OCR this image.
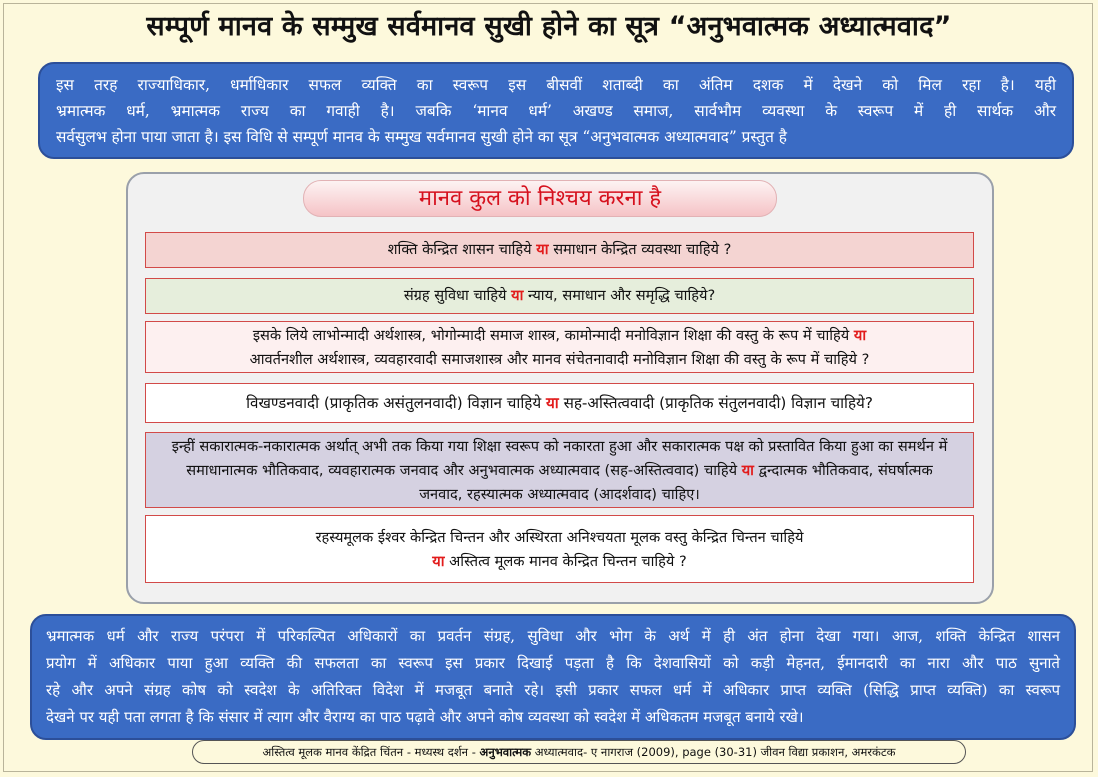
सम्पूर्ण मानव के सम्मुख सर्वमानव सुखी होने का सूत्र “अनुभवात्मक अध्यात्मवाद”
इस तरह राज्याधिकार, धर्माधिकार सफल व्यक्ति का स्वरूप इस बीसवीं शताब्दी का अंतिम दशक में देखने को मिल रहा है। यही
भ्रमात्मक धर्म, भ्रमात्मक राज्य का गवाही है। जबकि ‘मानव धर्म’ अखण्ड समाज, सार्वभौम व्यवस्था के स्वरूप में ही सार्थक और
सर्वसुलभ होना पाया जाता है। इस विधि से सम्पूर्ण मानव के सम्मुख सर्वमानव सुखी होने का सूत्र “अनुभवात्मक अध्यात्मवाद” प्रस्तुत है
मानव कुल को निश्चय करना है
शक्ति केन्द्रित शासन चाहिये या समाधान केन्द्रित व्यवस्था चाहिये ?
संग्रह सुविधा चाहिये या न्याय, समाधान और समृद्धि चाहिये?
इसके लिये लाभोन्मादी अर्थशास्त्र, भोगोन्मादी समाज शास्त्र, कामोन्मादी मनोविज्ञान शिक्षा की वस्तु के रूप में चाहिये या
आवर्तनशील अर्थशास्त्र, व्यवहारवादी समाजशास्त्र और मानव संचेतनावादी मनोविज्ञान शिक्षा की वस्तु के रूप में चाहिये ?
विखण्डनवादी (प्राकृतिक असंतुलनवादी) विज्ञान चाहिये या सह-अस्तित्ववादी (प्राकृतिक संतुलनवादी) विज्ञान चाहिये?
इन्हीं सकारात्मक-नकारात्मक अर्थात् अभी तक किया गया शिक्षा स्वरूप को नकारता हुआ और सकारात्मक पक्ष को प्रस्तावित किया हुआ का समर्थन में समाधानात्मक भौतिकवाद, व्यवहारात्मक जनवाद और अनुभवात्मक अध्यात्मवाद (सह-अस्तित्ववाद) चाहिये या द्वन्दात्मक भौतिकवाद, संघर्षात्मक जनवाद, रहस्यात्मक अध्यात्मवाद (आदर्शवाद) चाहिए।
रहस्यमूलक ईश्वर केन्द्रित चिन्तन और अस्थिरता अनिश्चयता मूलक वस्तु केन्द्रित चिन्तन चाहिये
या अस्तित्व मूलक मानव केन्द्रित चिन्तन चाहिये ?
भ्रमात्मक धर्म और राज्य परंपरा में परिकल्पित अधिकारों का प्रवर्तन संग्रह, सुविधा और भोग के अर्थ में ही अंत होना देखा गया। आज, शक्ति केन्द्रित शासन
प्रयोग में अधिकार पाया हुआ व्यक्ति की सफलता का स्वरूप इस प्रकार दिखाई पड़ता है कि देशवासियों को कड़ी मेहनत, ईमानदारी का नारा और पाठ सुनाते
रहे और अपने संग्रह कोष को स्वदेश के अतिरिक्त विदेश में मजबूत बनाते रहे। इसी प्रकार सफल धर्म में अधिकार प्राप्त व्यक्ति (सिद्धि प्राप्त व्यक्ति) का स्वरूप
देखने पर यही पता लगता है कि संसार में त्याग और वैराग्य का पाठ पढ़ावे और अपने कोष व्यवस्था को स्वदेश में अधिकतम मजबूत बनाये रखे।
अस्तित्व मूलक मानव केंद्रित चिंतन - मध्यस्थ दर्शन - अनुभवात्मक अध्यात्मवाद- ए नागराज (2009), page (30-31) जीवन विद्या प्रकाशन, अमरकंटक
